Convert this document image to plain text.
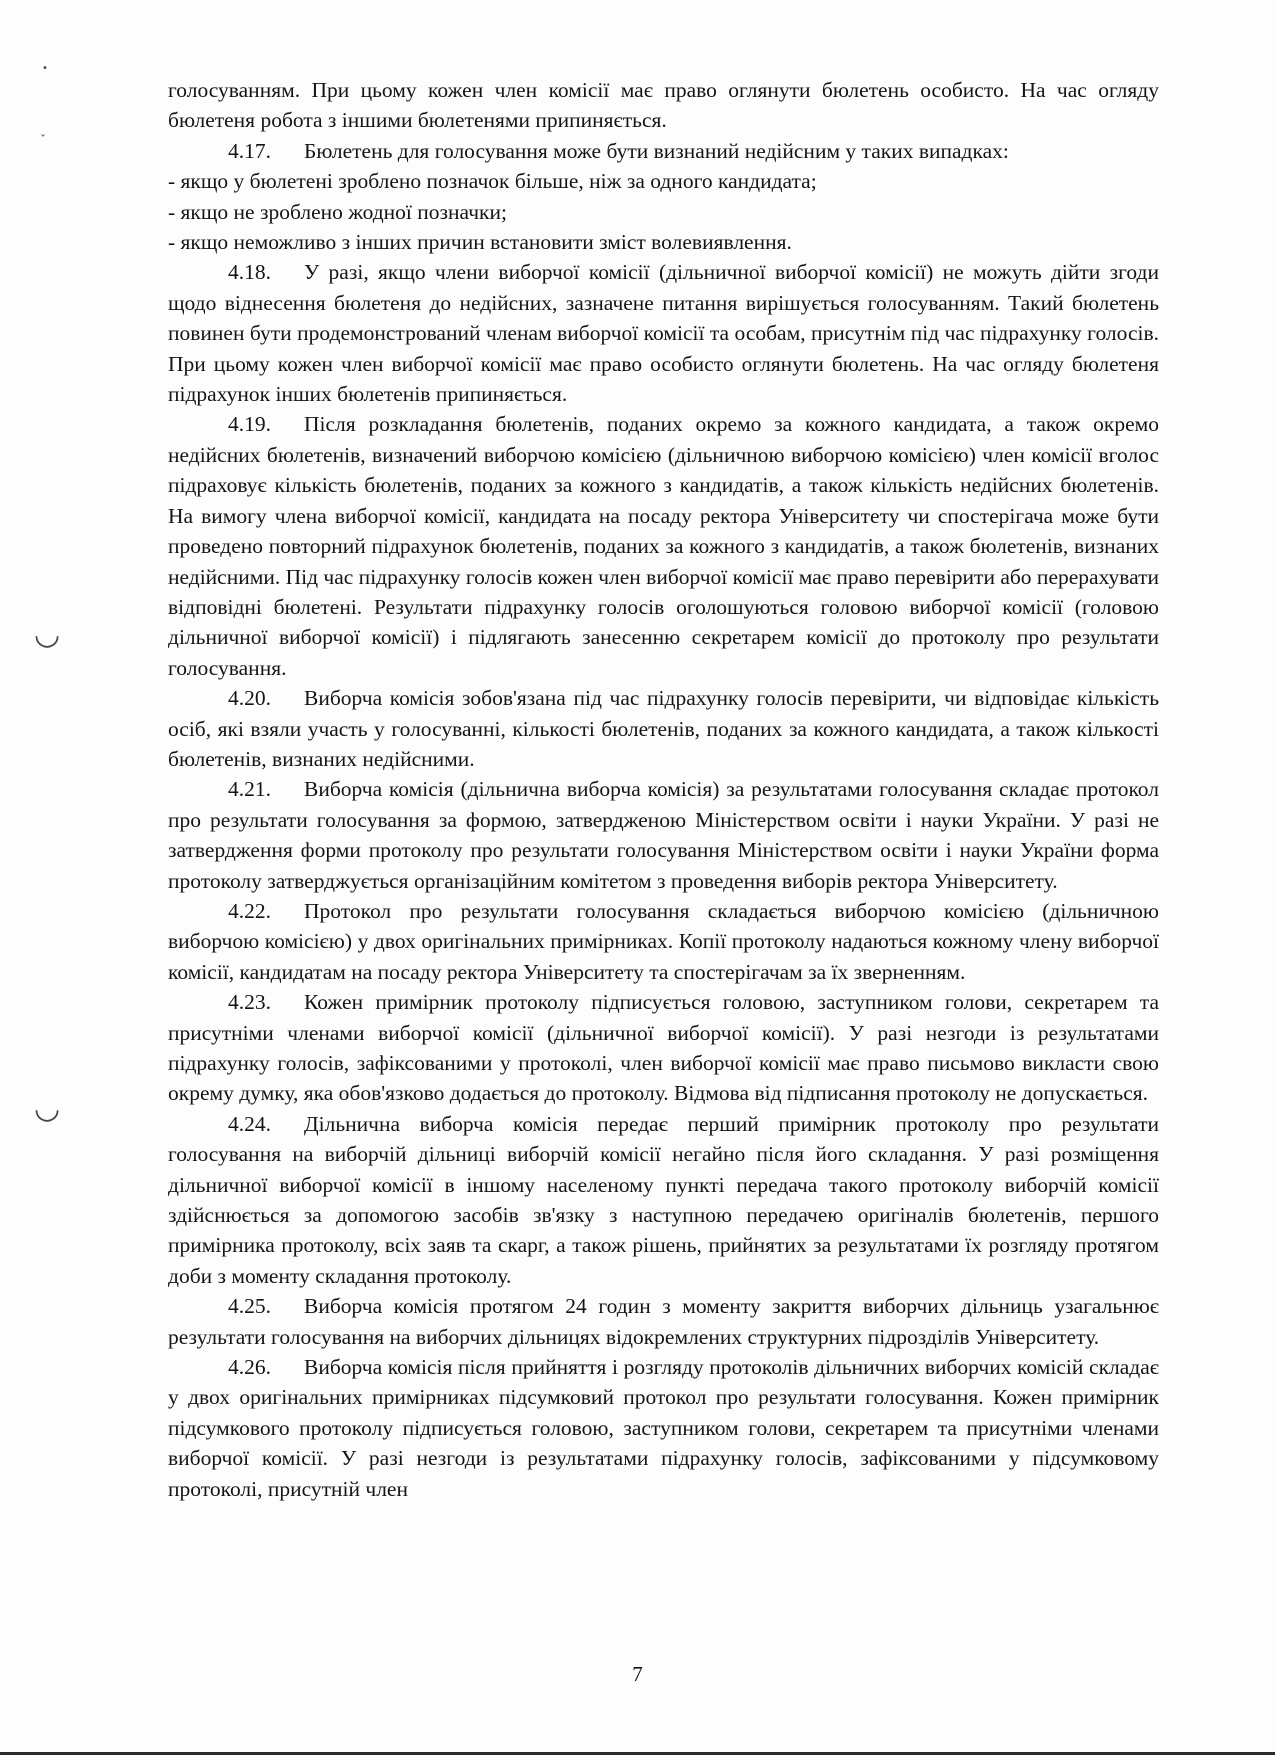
•
ˇ
◡
◡

голосуванням. При цьому кожен член комісії має право оглянути бюлетень особисто. На час огляду бюлетеня робота з іншими бюлетенями припиняється.

4.17. Бюлетень для голосування може бути визнаний недійсним у таких випадках:

- якщо у бюлетені зроблено позначок більше, ніж за одного кандидата;

- якщо не зроблено жодної позначки;

- якщо неможливо з інших причин встановити зміст волевиявлення.

4.18. У разі, якщо члени виборчої комісії (дільничної виборчої комісії) не можуть дійти згоди щодо віднесення бюлетеня до недійсних, зазначене питання вирішується голосуванням. Такий бюлетень повинен бути продемонстрований членам виборчої комісії та особам, присутнім під час підрахунку голосів. При цьому кожен член виборчої комісії має право особисто оглянути бюлетень. На час огляду бюлетеня підрахунок інших бюлетенів припиняється.

4.19. Після розкладання бюлетенів, поданих окремо за кожного кандидата, а також окремо недійсних бюлетенів, визначений виборчою комісією (дільничною виборчою комісією) член комісії вголос підраховує кількість бюлетенів, поданих за кожного з кандидатів, а також кількість недійсних бюлетенів. На вимогу члена виборчої комісії, кандидата на посаду ректора Університету чи спостерігача може бути проведено повторний підрахунок бюлетенів, поданих за кожного з кандидатів, а також бюлетенів, визнаних недійсними. Під час підрахунку голосів кожен член виборчої комісії має право перевірити або перерахувати відповідні бюлетені. Результати підрахунку голосів оголошуються головою виборчої комісії (головою дільничної виборчої комісії) і підлягають занесенню секретарем комісії до протоколу про результати голосування.

4.20. Виборча комісія зобов'язана під час підрахунку голосів перевірити, чи відповідає кількість осіб, які взяли участь у голосуванні, кількості бюлетенів, поданих за кожного кандидата, а також кількості бюлетенів, визнаних недійсними.

4.21. Виборча комісія (дільнична виборча комісія) за результатами голосування складає протокол про результати голосування за формою, затвердженою Міністерством освіти і науки України. У разі не затвердження форми протоколу про результати голосування Міністерством освіти і науки України форма протоколу затверджується організаційним комітетом з проведення виборів ректора Університету.

4.22. Протокол про результати голосування складається виборчою комісією (дільничною виборчою комісією) у двох оригінальних примірниках. Копії протоколу надаються кожному члену виборчої комісії, кандидатам на посаду ректора Університету та спостерігачам за їх зверненням.

4.23. Кожен примірник протоколу підписується головою, заступником голови, секретарем та присутніми членами виборчої комісії (дільничної виборчої комісії). У разі незгоди із результатами підрахунку голосів, зафіксованими у протоколі, член виборчої комісії має право письмово викласти свою окрему думку, яка обов'язково додається до протоколу. Відмова від підписання протоколу не допускається.

4.24. Дільнична виборча комісія передає перший примірник протоколу про результати голосування на виборчій дільниці виборчій комісії негайно після його складання. У разі розміщення дільничної виборчої комісії в іншому населеному пункті передача такого протоколу виборчій комісії здійснюється за допомогою засобів зв'язку з наступною передачею оригіналів бюлетенів, першого примірника протоколу, всіх заяв та скарг, а також рішень, прийнятих за результатами їх розгляду протягом доби з моменту складання протоколу.

4.25. Виборча комісія протягом 24 годин з моменту закриття виборчих дільниць узагальнює результати голосування на виборчих дільницях відокремлених структурних підрозділів Університету.

4.26. Виборча комісія після прийняття і розгляду протоколів дільничних виборчих комісій складає у двох оригінальних примірниках підсумковий протокол про результати голосування. Кожен примірник підсумкового протоколу підписується головою, заступником голови, секретарем та присутніми членами виборчої комісії. У разі незгоди із результатами підрахунку голосів, зафіксованими у підсумковому протоколі, присутній член

7
